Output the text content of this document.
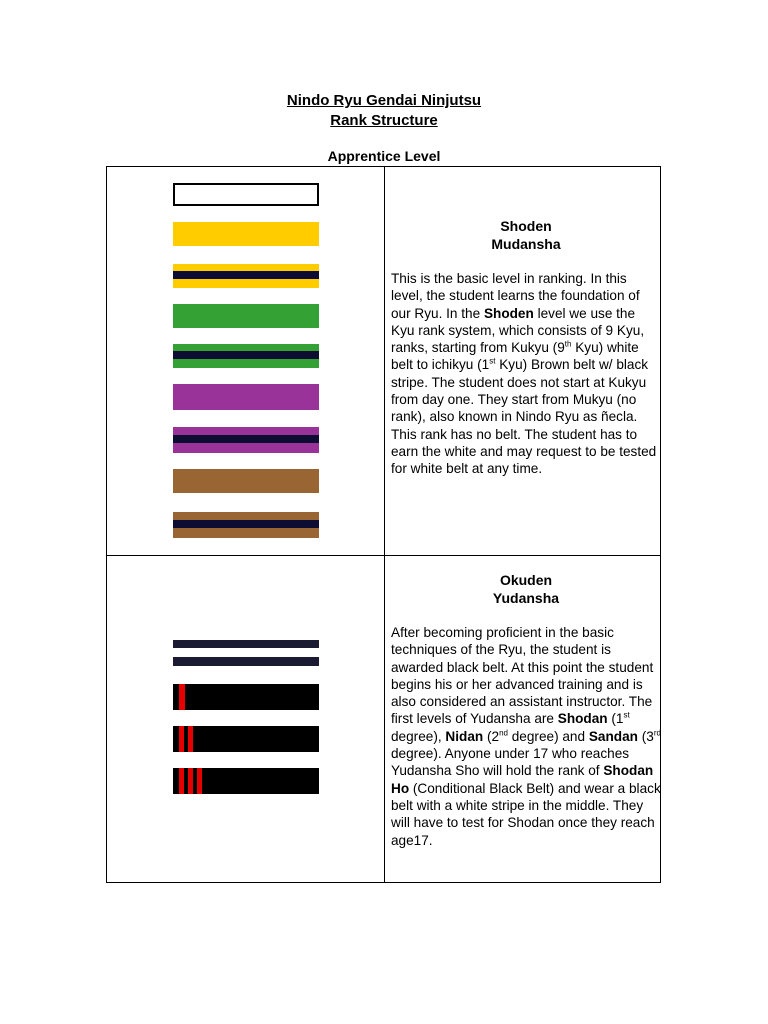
Nindo Ryu Gendai Ninjutsu
Rank Structure
Apprentice Level
Shoden
Mudansha

This is the basic level in ranking. In this level, the student learns the foundation of our Ryu. In the Shoden level we use the Kyu rank system, which consists of 9 Kyu, ranks, starting from Kukyu (9th Kyu) white belt to ichikyu (1st Kyu) Brown belt w/ black stripe. The student does not start at Kukyu from day one. They start from Mukyu (no rank), also known in Nindo Ryu as ñecla. This rank has no belt. The student has to earn the white and may request to be tested for white belt at any time.

Okuden
Yudansha

After becoming proficient in the basic techniques of the Ryu, the student is awarded black belt. At this point the student begins his or her advanced training and is also considered an assistant instructor. The first levels of Yudansha are Shodan (1st degree), Nidan (2nd degree) and Sandan (3rd degree). Anyone under 17 who reaches Yudansha Sho will hold the rank of Shodan Ho (Conditional Black Belt) and wear a black belt with a white stripe in the middle. They will have to test for Shodan once they reach age17.
